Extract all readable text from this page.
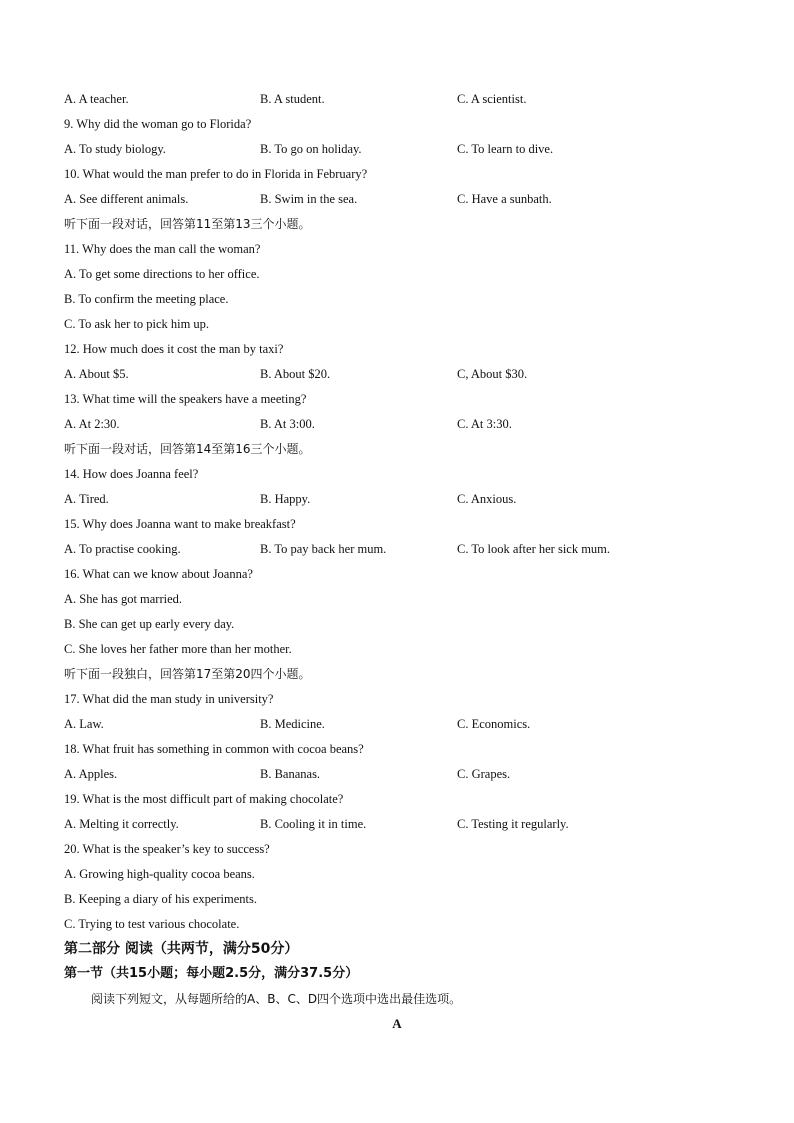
A. A teacher.	B. A student.	C. A scientist.
9. Why did the woman go to Florida?
A. To study biology.	B. To go on holiday.	C. To learn to dive.
10. What would the man prefer to do in Florida in February?
A. See different animals.	B. Swim in the sea.	C. Have a sunbath.
听下面一段对话，回答第11至第13三个小题。
11. Why does the man call the woman?
A. To get some directions to her office.
B. To confirm the meeting place.
C. To ask her to pick him up.
12. How much does it cost the man by taxi?
A. About $5.	B. About $20.	C, About $30.
13. What time will the speakers have a meeting?
A. At 2:30.	B. At 3:00.	C. At 3:30.
听下面一段对话，回答第14至第16三个小题。
14. How does Joanna feel?
A. Tired.	B. Happy.	C. Anxious.
15. Why does Joanna want to make breakfast?
A. To practise cooking.	B. To pay back her mum.	C. To look after her sick mum.
16. What can we know about Joanna?
A. She has got married.
B. She can get up early every day.
C. She loves her father more than her mother.
听下面一段独白，回答第17至第20四个小题。
17. What did the man study in university?
A. Law.	B. Medicine.	C. Economics.
18. What fruit has something in common with cocoa beans?
A. Apples.	B. Bananas.	C. Grapes.
19. What is the most difficult part of making chocolate?
A. Melting it correctly.	B. Cooling it in time.	C. Testing it regularly.
20. What is the speaker’s key to success?
A. Growing high-quality cocoa beans.
B. Keeping a diary of his experiments.
C. Trying to test various chocolate.
第二部分 阅读（共两节，满分50分）
第一节（共15小题；每小题2.5分，满分37.5分）
阅读下列短文，从每题所给的A、B、C、D四个选项中选出最佳选项。
A
